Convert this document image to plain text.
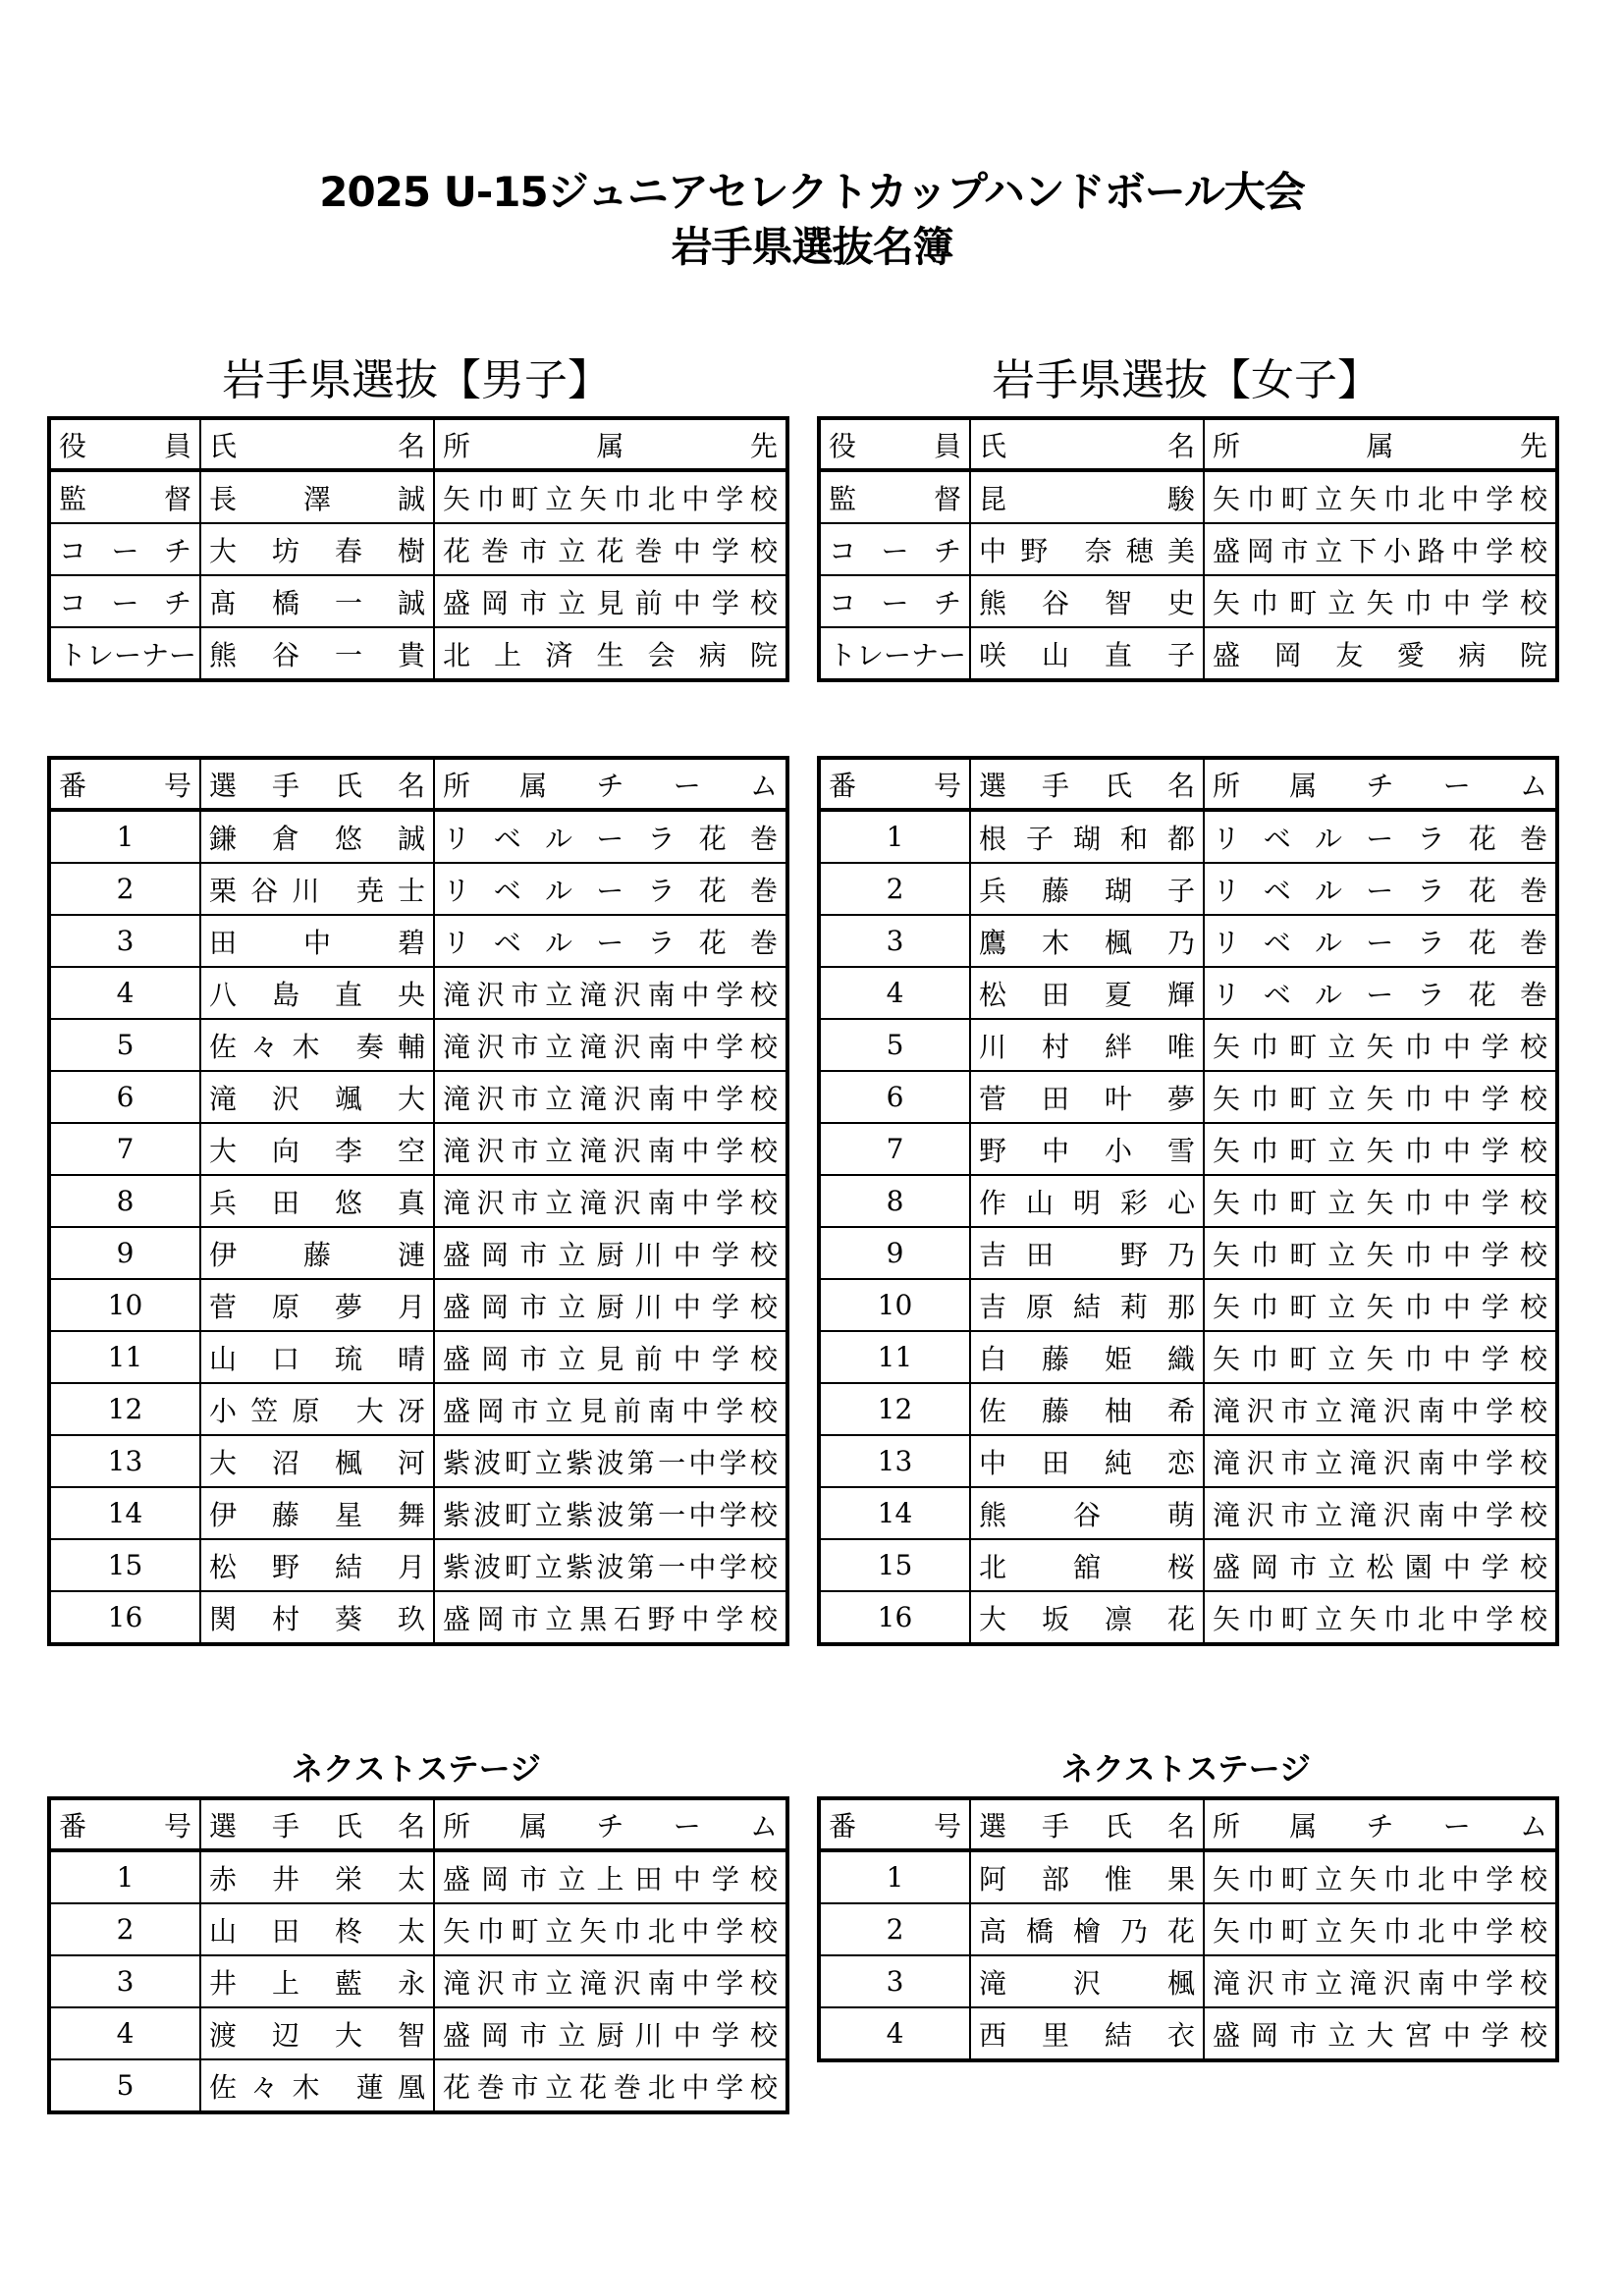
2025 U-15ジュニアセレクトカップハンドボール大会
岩手県選抜名簿
岩手県選抜【男子】	岩手県選抜【女子】
役　員	氏　名	所　属　先
監　督	長 澤 誠	矢巾町立矢巾北中学校
コーチ	大坊春樹	花巻市立花巻中学校
コーチ	髙橋一誠	盛岡市立見前中学校
トレーナー	熊谷一貴	北上済生会病院
役　員	氏　名	所　属　先
監　督	昆　 駿	矢巾町立矢巾北中学校
コーチ	中野 奈穂美	盛岡市立下小路中学校
コーチ	熊谷智史	矢巾町立矢巾中学校
トレーナー	咲山直子	盛岡友愛病院
番　号	選手氏名	所属チーム
1	鎌倉悠誠	リベルーラ花巻
2	栗谷川 尭士	リベルーラ花巻
3	田 中 碧	リベルーラ花巻
4	八島直央	滝沢市立滝沢南中学校
5	佐々木 奏輔	滝沢市立滝沢南中学校
6	滝沢颯大	滝沢市立滝沢南中学校
7	大向李空	滝沢市立滝沢南中学校
8	兵田悠真	滝沢市立滝沢南中学校
9	伊 藤 漣	盛岡市立厨川中学校
10	菅原夢月	盛岡市立厨川中学校
11	山口琉晴	盛岡市立見前中学校
12	小笠原 大冴	盛岡市立見前南中学校
13	大沼楓河	紫波町立紫波第一中学校
14	伊藤星舞	紫波町立紫波第一中学校
15	松野結月	紫波町立紫波第一中学校
16	関村葵玖	盛岡市立黒石野中学校
番　号	選手氏名	所属チーム
1	根子瑚和都	リベルーラ花巻
2	兵藤瑚子	リベルーラ花巻
3	鷹木楓乃	リベルーラ花巻
4	松田夏輝	リベルーラ花巻
5	川村絆唯	矢巾町立矢巾中学校
6	菅田叶夢	矢巾町立矢巾中学校
7	野中小雪	矢巾町立矢巾中学校
8	作山明彩心	矢巾町立矢巾中学校
9	吉田　野乃	矢巾町立矢巾中学校
10	吉原結莉那	矢巾町立矢巾中学校
11	白藤姫織	矢巾町立矢巾中学校
12	佐藤柚希	滝沢市立滝沢南中学校
13	中田純恋	滝沢市立滝沢南中学校
14	熊 谷 萌	滝沢市立滝沢南中学校
15	北 舘 桜	盛岡市立松園中学校
16	大坂凛花	矢巾町立矢巾北中学校
ネクストステージ	ネクストステージ
番　号	選手氏名	所属チーム
1	赤井栄太	盛岡市立上田中学校
2	山田柊太	矢巾町立矢巾北中学校
3	井上藍永	滝沢市立滝沢南中学校
4	渡辺大智	盛岡市立厨川中学校
5	佐々木 蓮凰	花巻市立花巻北中学校
番　号	選手氏名	所属チーム
1	阿部惟果	矢巾町立矢巾北中学校
2	高橋檜乃花	矢巾町立矢巾北中学校
3	滝 沢 楓	滝沢市立滝沢南中学校
4	西里結衣	盛岡市立大宮中学校
